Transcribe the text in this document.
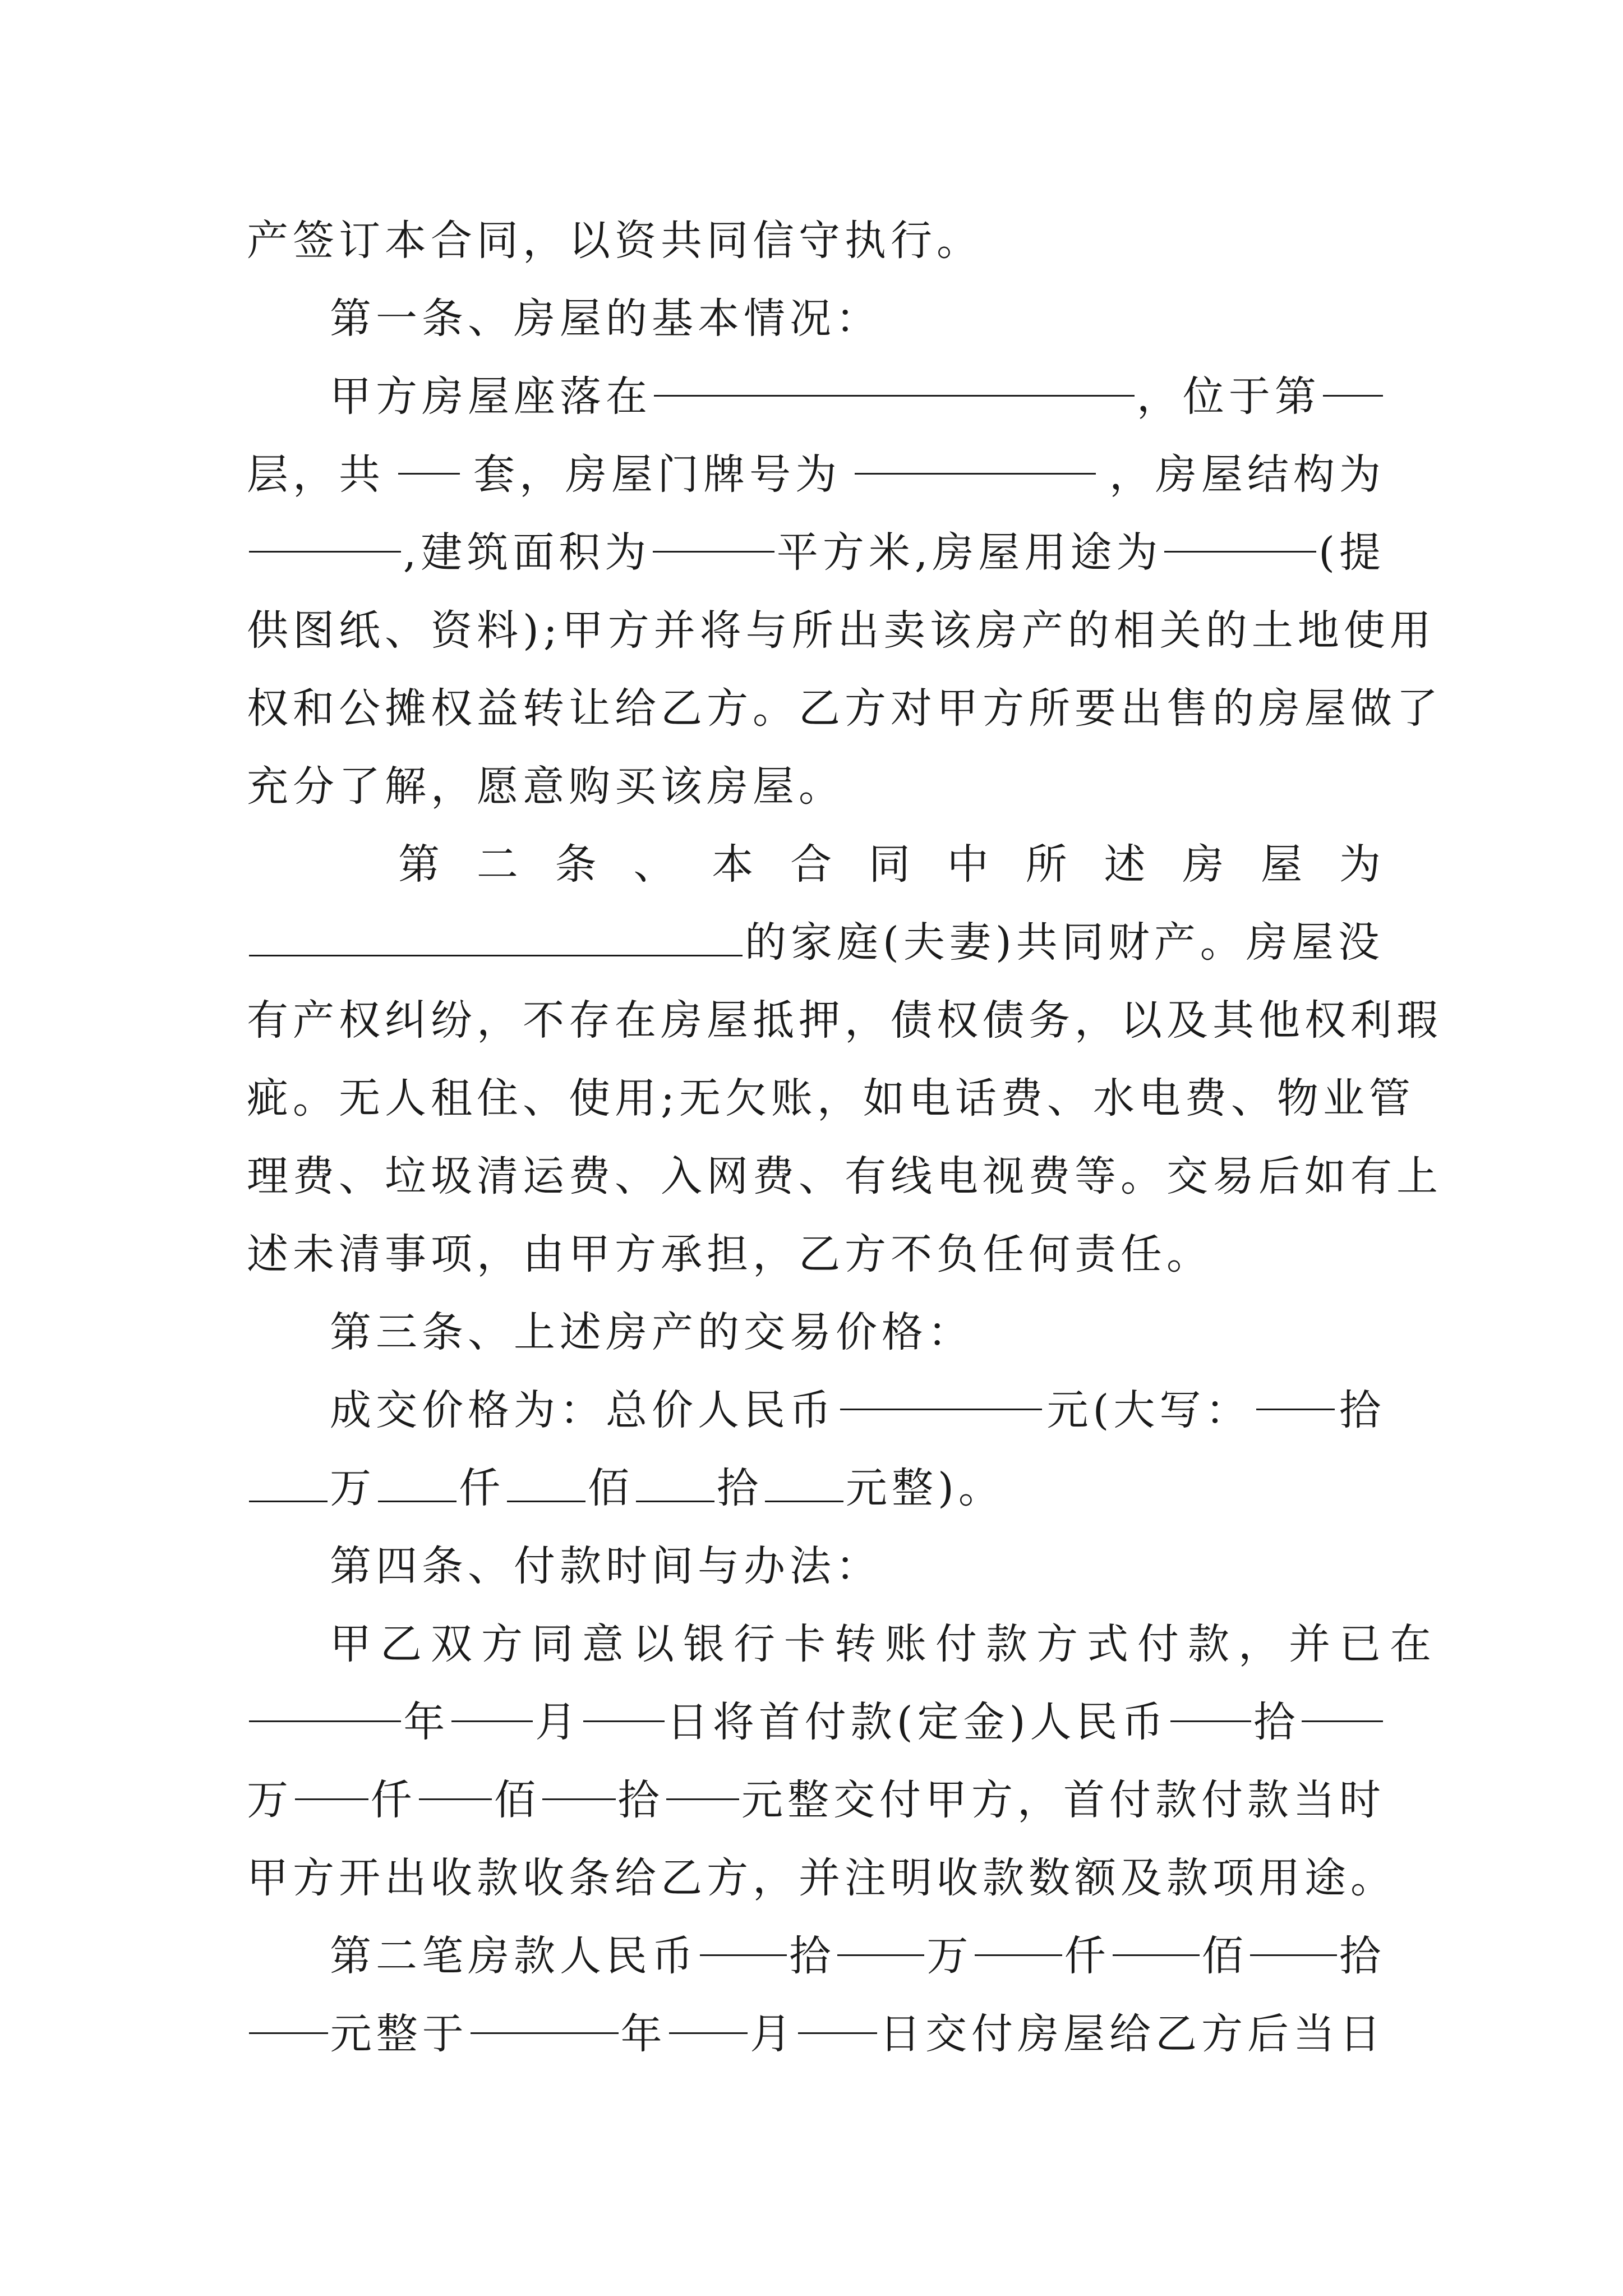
产签订本合同，以资共同信守执行。
第一条、房屋的基本情况：
甲方房屋座落在	，位于第
层，共 套，房屋门牌号为	，房屋结构为
,建筑面积为	平方米,房屋用途为	(提
供图纸、资料);甲方并将与所出卖该房产的相关的土地使用
权和公摊权益转让给乙方。乙方对甲方所要出售的房屋做了
充分了解，愿意购买该房屋。
第 二 条 、 本 合 同 中 所 述 房 屋 为
的家庭(夫妻)共同财产。房屋没
有产权纠纷，不存在房屋抵押，债权债务，以及其他权利瑕
疵。无人租住、使用;无欠账，如电话费、水电费、物业管
理费、垃圾清运费、入网费、有线电视费等。交易后如有上
述未清事项，由甲方承担，乙方不负任何责任。
第三条、上述房产的交易价格：
成交价格为：总价人民币	元(大写： 拾
万 仟 佰 拾 元整)。
第四条、付款时间与办法：
甲乙双方同意以银行卡转账付款方式付款，并已在
年 月 日将首付款(定金)人民币 拾
万 仟 佰 拾 元整交付甲方，首付款付款当时
甲方开出收款收条给乙方，并注明收款数额及款项用途。
第二笔房款人民币 拾 万 仟 佰 拾
元整于	年 月 日交付房屋给乙方后当日
